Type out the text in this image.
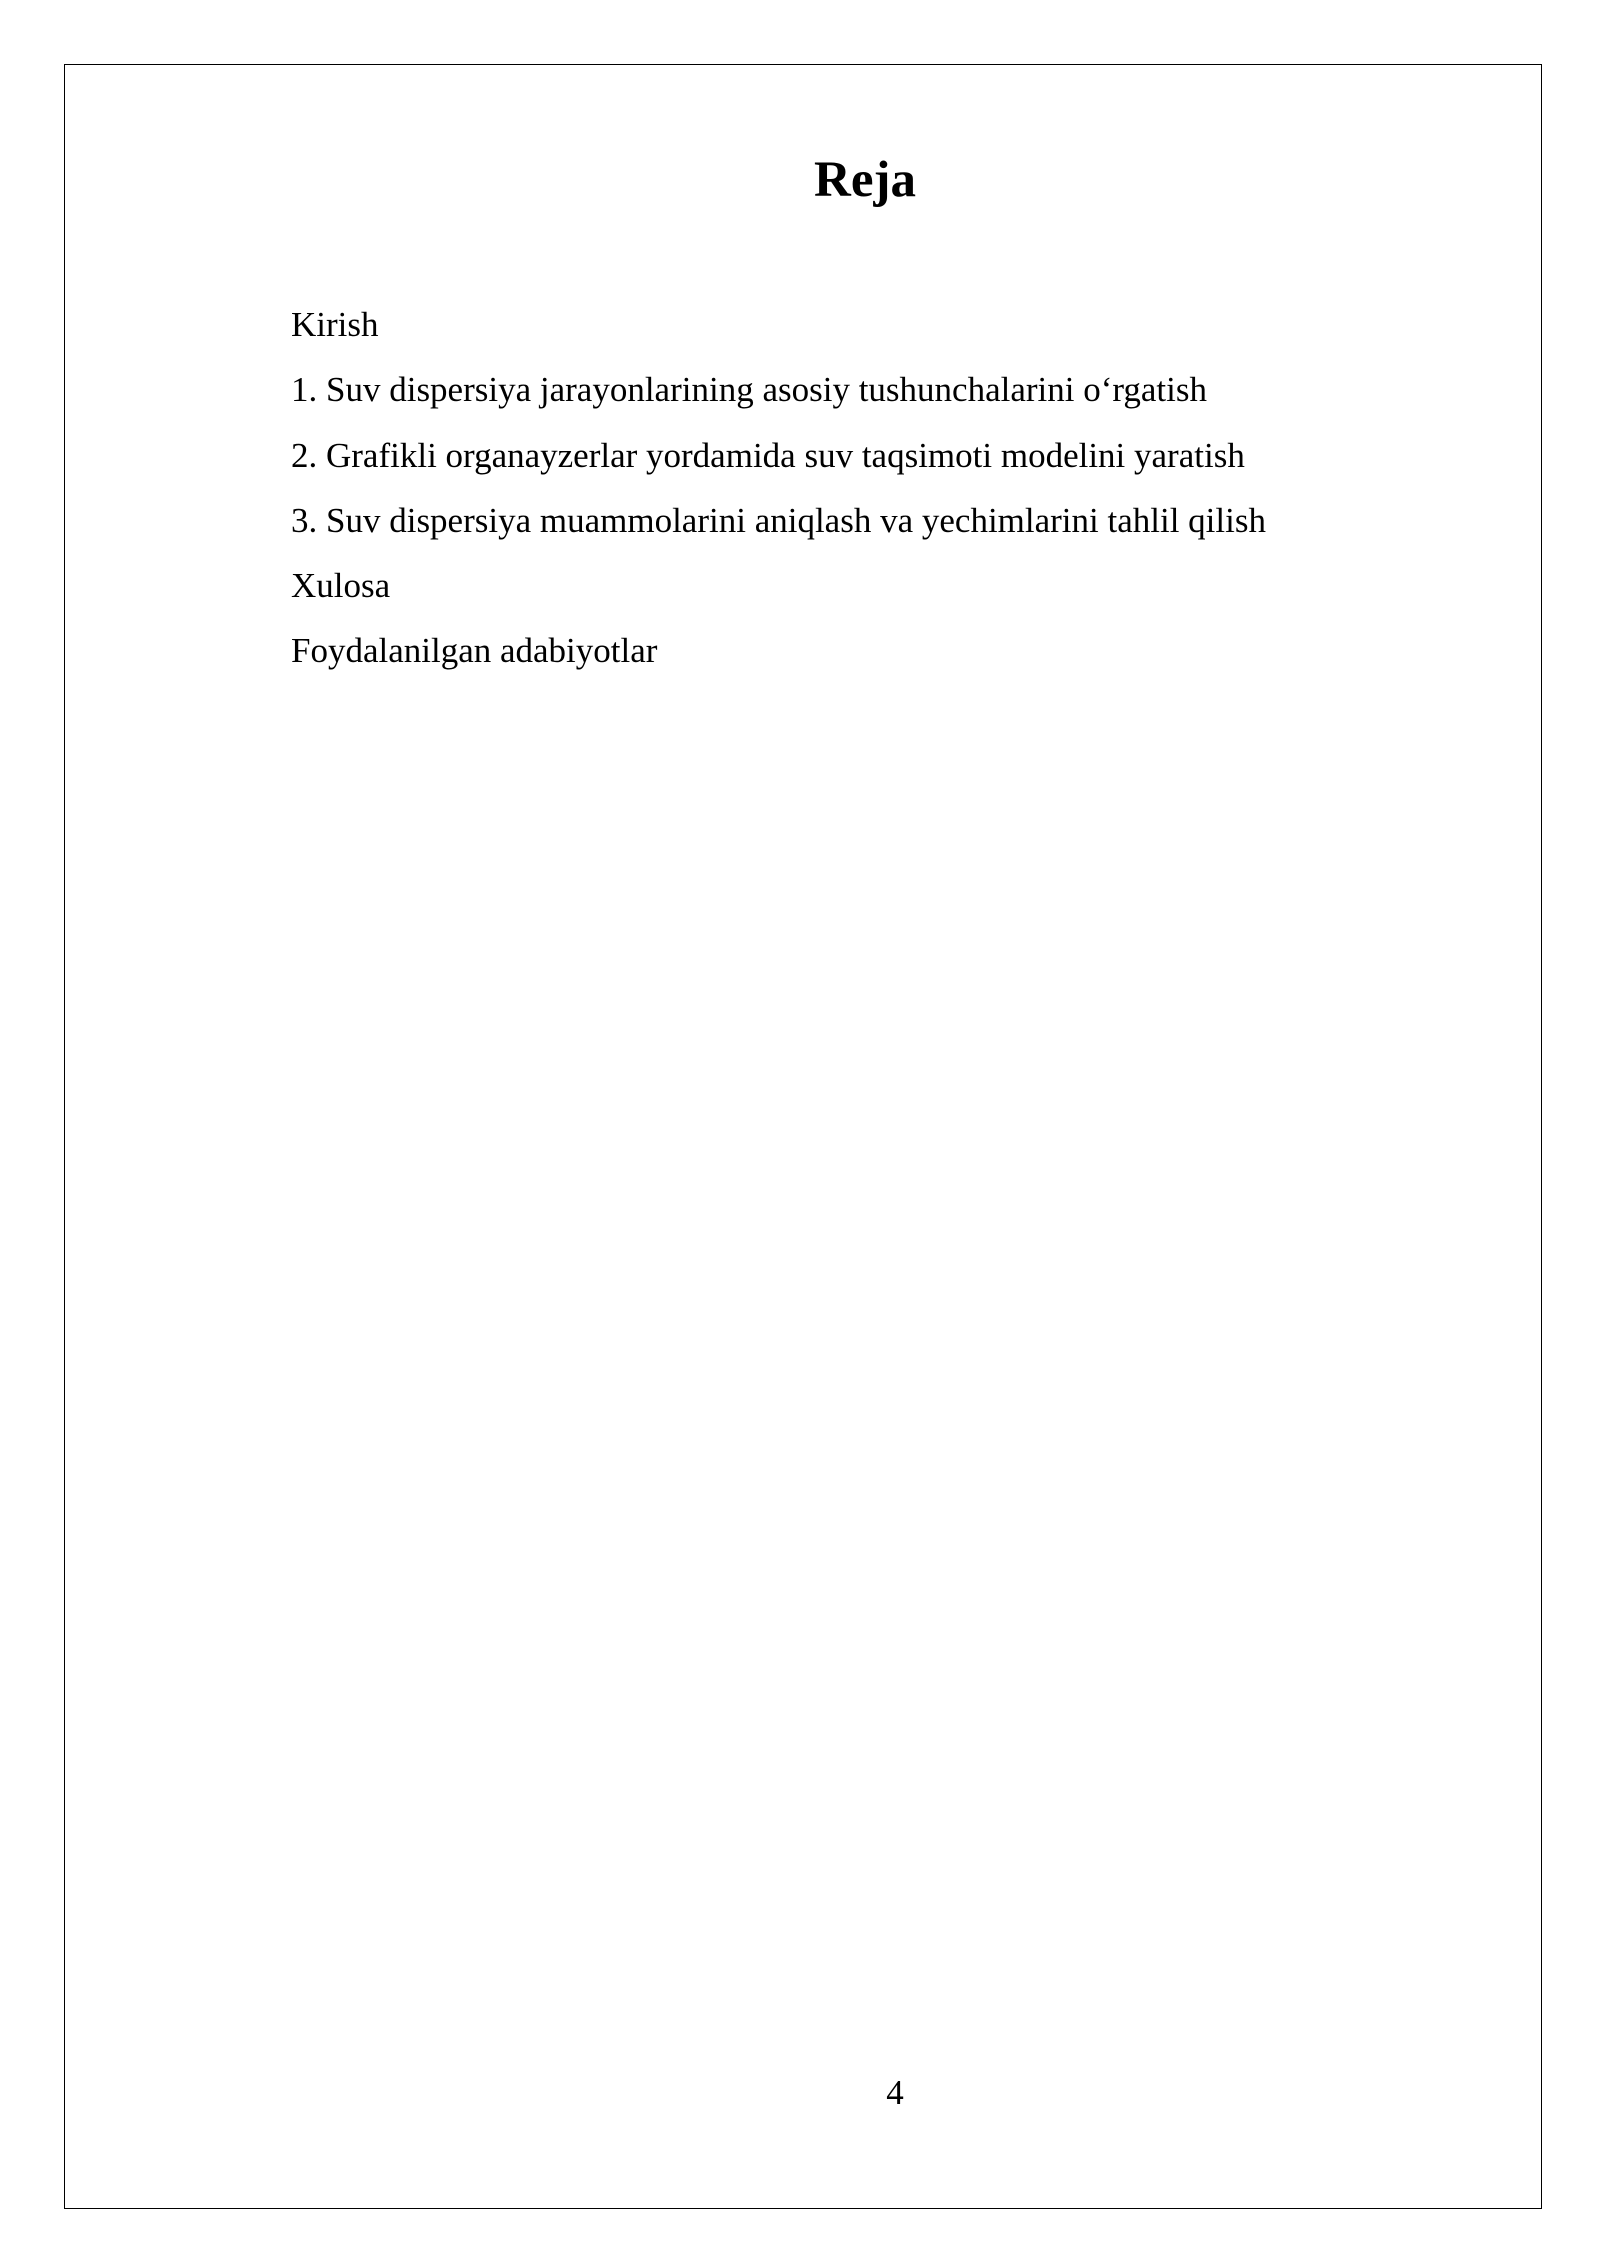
Reja
Kirish
1. Suv dispersiya jarayonlarining asosiy tushunchalarini o‘rgatish
2. Grafikli organayzerlar yordamida suv taqsimoti modelini yaratish
3. Suv dispersiya muammolarini aniqlash va yechimlarini tahlil qilish
Xulosa
Foydalanilgan adabiyotlar
4
